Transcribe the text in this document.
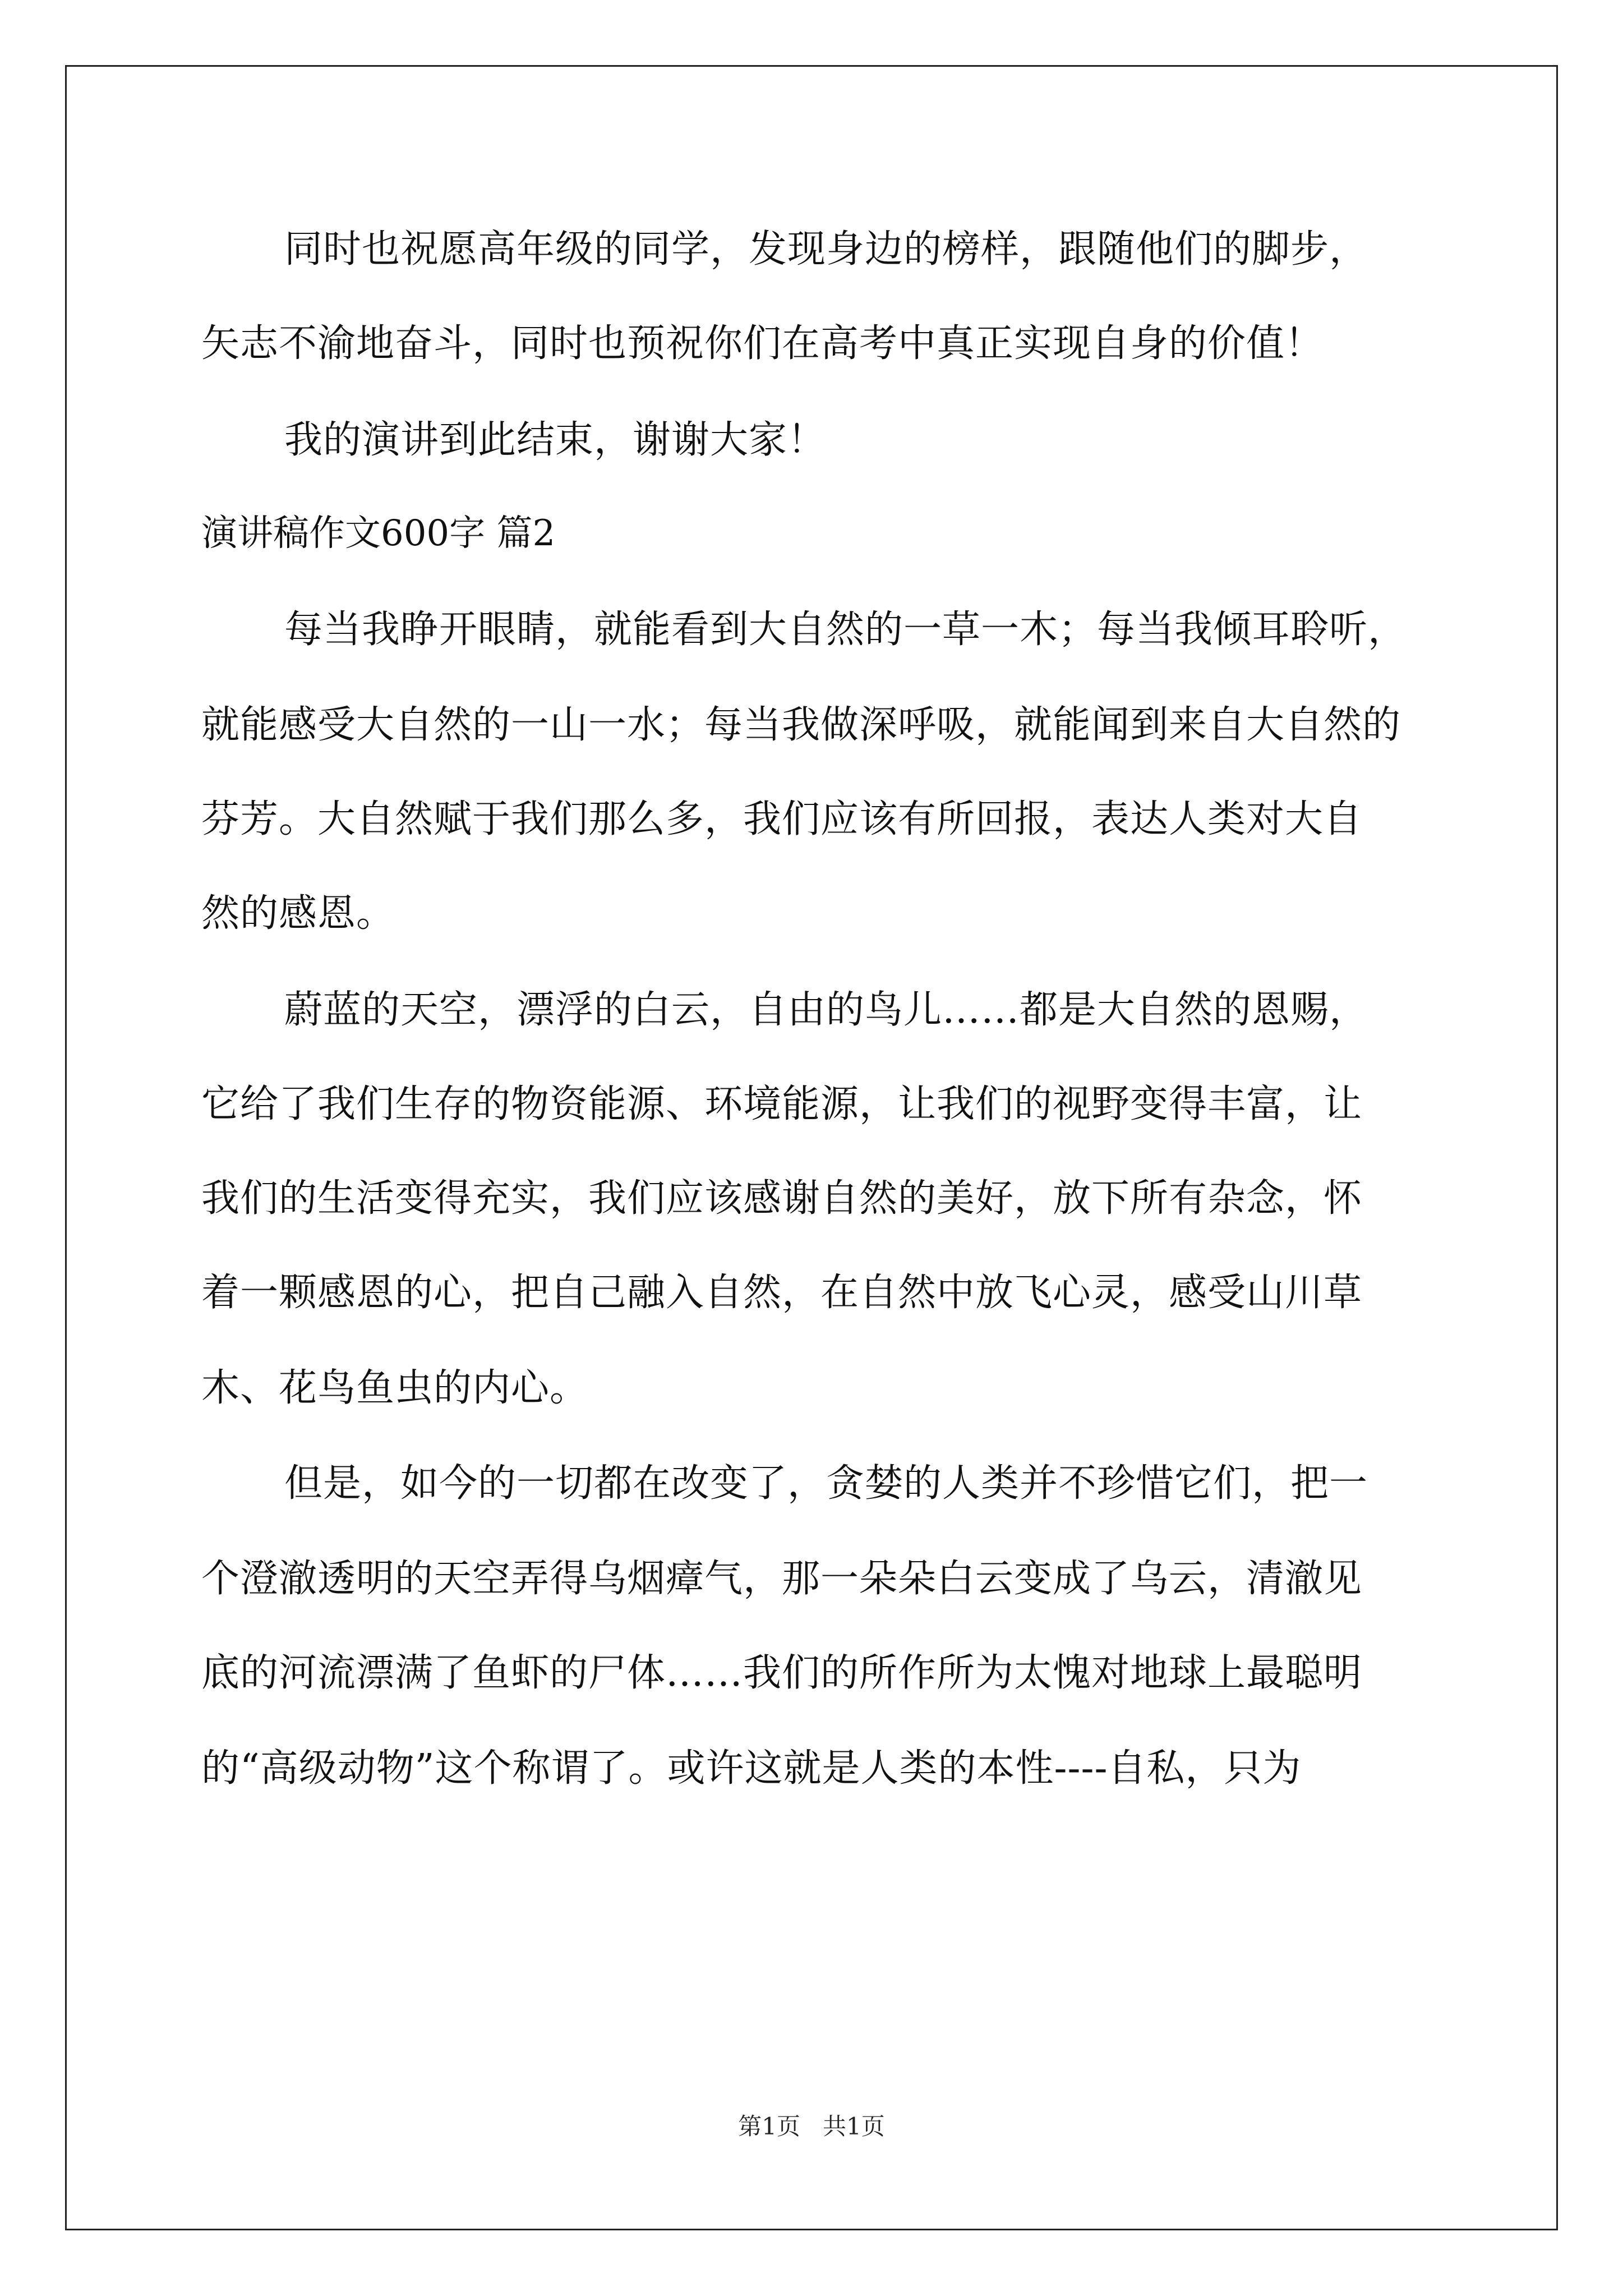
同时也祝愿高年级的同学，发现身边的榜样，跟随他们的脚步，
矢志不渝地奋斗，同时也预祝你们在高考中真正实现自身的价值！
我的演讲到此结束，谢谢大家！
演讲稿作文600字 篇2
每当我睁开眼睛，就能看到大自然的一草一木；每当我倾耳聆听，
就能感受大自然的一山一水；每当我做深呼吸，就能闻到来自大自然的
芬芳。大自然赋于我们那么多，我们应该有所回报，表达人类对大自
然的感恩。
蔚蓝的天空，漂浮的白云，自由的鸟儿……都是大自然的恩赐，
它给了我们生存的物资能源、环境能源，让我们的视野变得丰富，让
我们的生活变得充实，我们应该感谢自然的美好，放下所有杂念，怀
着一颗感恩的心，把自己融入自然，在自然中放飞心灵，感受山川草
木、花鸟鱼虫的内心。
但是，如今的一切都在改变了，贪婪的人类并不珍惜它们，把一
个澄澈透明的天空弄得乌烟瘴气，那一朵朵白云变成了乌云，清澈见
底的河流漂满了鱼虾的尸体……我们的所作所为太愧对地球上最聪明
的“高级动物”这个称谓了。或许这就是人类的本性----自私，只为
第1页 共1页
